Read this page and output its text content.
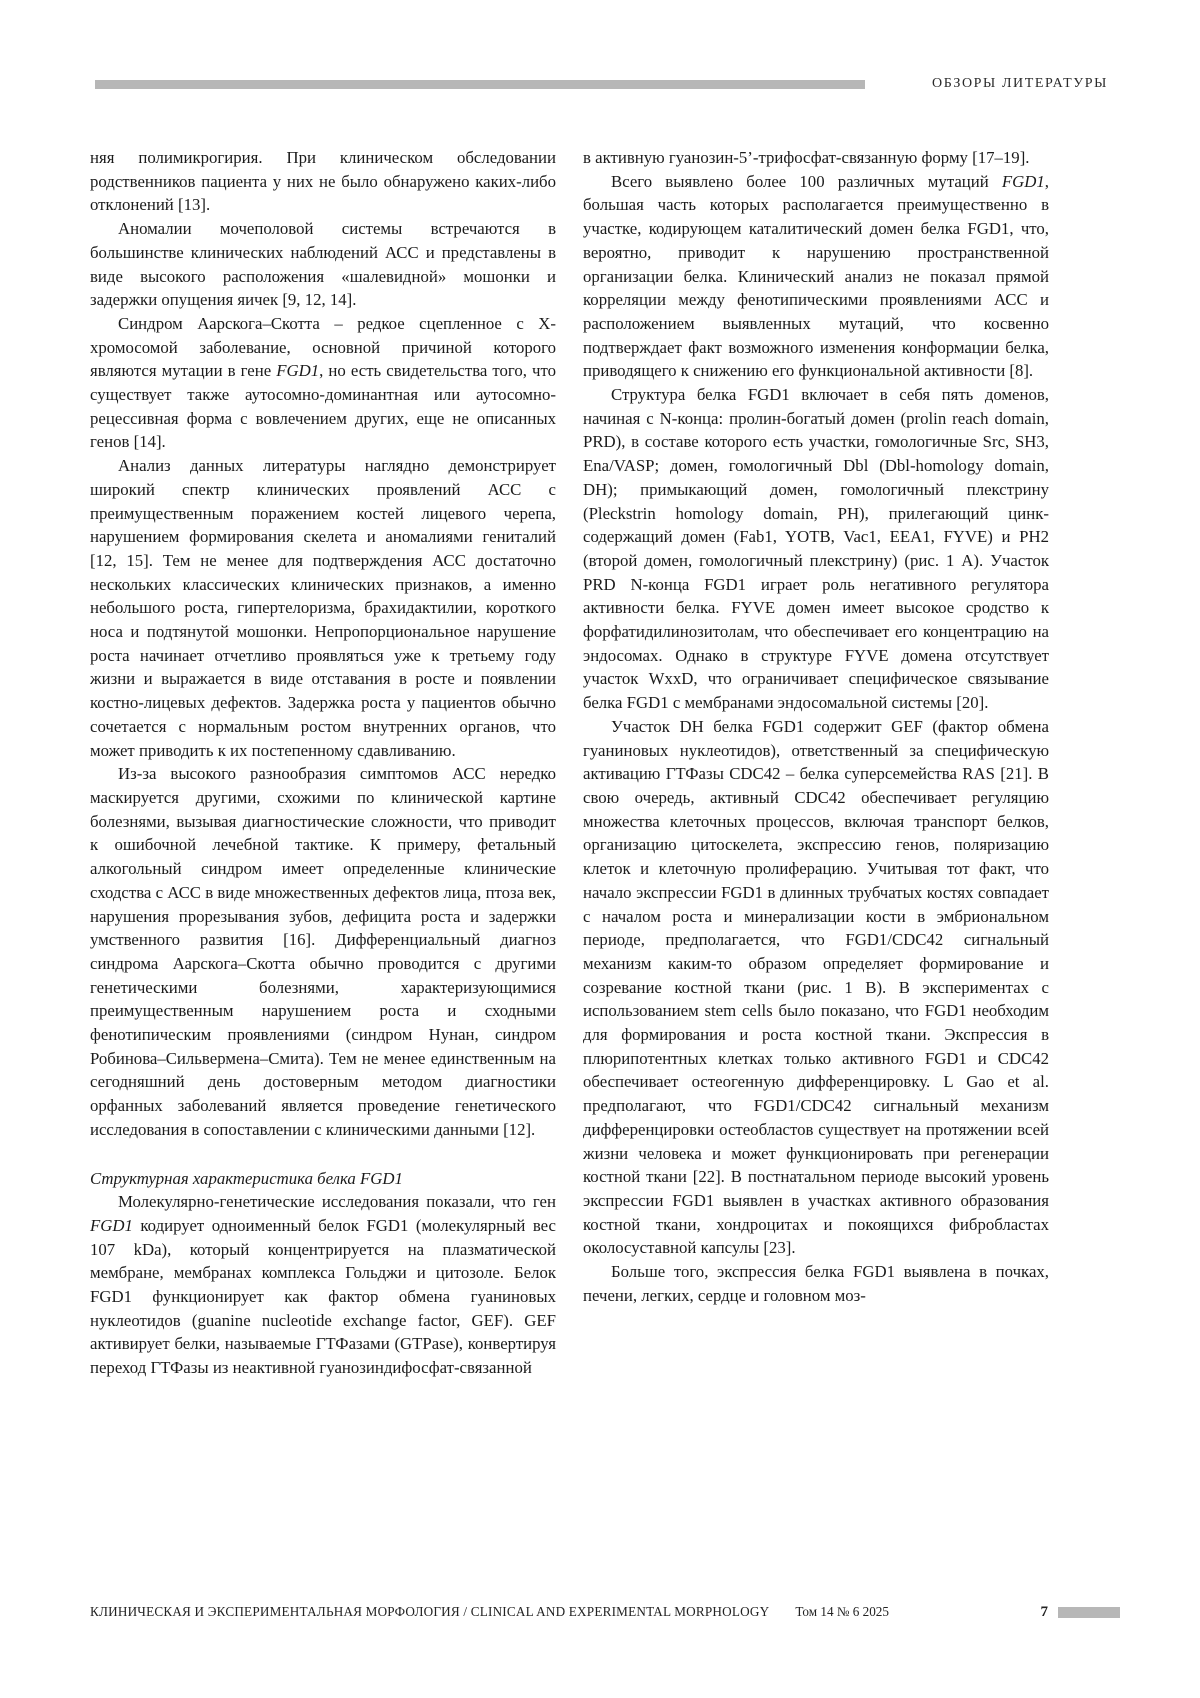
ОБЗОРЫ ЛИТЕРАТУРЫ

няя полимикрогирия. При клиническом обследовании родственников пациента у них не было обнаружено каких-либо отклонений [13].

Аномалии мочеполовой системы встречаются в большинстве клинических наблюдений АСС и представлены в виде высокого расположения «шалевидной» мошонки и задержки опущения яичек [9, 12, 14].

Синдром Аарскога–Скотта – редкое сцепленное с Х-хромосомой заболевание, основной причиной которого являются мутации в гене FGD1, но есть свидетельства того, что существует также аутосомно-доминантная или аутосомно-рецессивная форма с вовлечением других, еще не описанных генов [14].

Анализ данных литературы наглядно демонстрирует широкий спектр клинических проявлений АСС с преимущественным поражением костей лицевого черепа, нарушением формирования скелета и аномалиями гениталий [12, 15]. Тем не менее для подтверждения АСС достаточно нескольких классических клинических признаков, а именно небольшого роста, гипертелоризма, брахидактилии, короткого носа и подтянутой мошонки. Непропорциональное нарушение роста начинает отчетливо проявляться уже к третьему году жизни и выражается в виде отставания в росте и появлении костно-лицевых дефектов. Задержка роста у пациентов обычно сочетается с нормальным ростом внутренних органов, что может приводить к их постепенному сдавливанию.

Из-за высокого разнообразия симптомов АСС нередко маскируется другими, схожими по клинической картине болезнями, вызывая диагностические сложности, что приводит к ошибочной лечебной тактике. К примеру, фетальный алкогольный синдром имеет определенные клинические сходства с АСС в виде множественных дефектов лица, птоза век, нарушения прорезывания зубов, дефицита роста и задержки умственного развития [16]. Дифференциальный диагноз синдрома Аарскога–Скотта обычно проводится с другими генетическими болезнями, характеризующимися преимущественным нарушением роста и сходными фенотипическим проявлениями (синдром Нунан, синдром Робинова–Сильвермена–Смита). Тем не менее единственным на сегодняшний день достоверным методом диагностики орфанных заболеваний является проведение генетического исследования в сопоставлении с клиническими данными [12].

Структурная характеристика белка FGD1

Молекулярно-генетические исследования показали, что ген FGD1 кодирует одноименный белок FGD1 (молекулярный вес 107 kDa), который концентрируется на плазматической мембране, мембранах комплекса Гольджи и цитозоле. Белок FGD1 функционирует как фактор обмена гуаниновых нуклеотидов (guanine nucleotide exchange factor, GEF). GEF активирует белки, называемые ГТФазами (GTPase), конвертируя переход ГТФазы из неактивной гуанозиндифосфат-связанной

в активную гуанозин-5’-трифосфат-связанную форму [17–19].

Всего выявлено более 100 различных мутаций FGD1, большая часть которых располагается преимущественно в участке, кодирующем каталитический домен белка FGD1, что, вероятно, приводит к нарушению пространственной организации белка. Клинический анализ не показал прямой корреляции между фенотипическими проявлениями АСС и расположением выявленных мутаций, что косвенно подтверждает факт возможного изменения конформации белка, приводящего к снижению его функциональной активности [8].

Структура белка FGD1 включает в себя пять доменов, начиная с N-конца: пролин-богатый домен (prolin reach domain, PRD), в составе которого есть участки, гомологичные Src, SH3, Ena/VASP; домен, гомологичный Dbl (Dbl-homology domain, DH); примыкающий домен, гомологичный плекстрину (Pleckstrin homology domain, PH), прилегающий цинк-содержащий домен (Fab1, YOTB, Vac1, EEA1, FYVE) и PH2 (второй домен, гомологичный плекстрину) (рис. 1 А). Участок PRD N-конца FGD1 играет роль негативного регулятора активности белка. FYVE домен имеет высокое сродство к форфатидилинозитолам, что обеспечивает его концентрацию на эндосомах. Однако в структуре FYVE домена отсутствует участок WxxD, что ограничивает специфическое связывание белка FGD1 с мембранами эндосомальной системы [20].

Участок DH белка FGD1 содержит GEF (фактор обмена гуаниновых нуклеотидов), ответственный за специфическую активацию ГТФазы CDC42 – белка суперсемейства RAS [21]. В свою очередь, активный CDC42 обеспечивает регуляцию множества клеточных процессов, включая транспорт белков, организацию цитоскелета, экспрессию генов, поляризацию клеток и клеточную пролиферацию. Учитывая тот факт, что начало экспрессии FGD1 в длинных трубчатых костях совпадает с началом роста и минерализации кости в эмбриональном периоде, предполагается, что FGD1/CDC42 сигнальный механизм каким-то образом определяет формирование и созревание костной ткани (рис. 1 В). В экспериментах с использованием stem cells было показано, что FGD1 необходим для формирования и роста костной ткани. Экспрессия в плюрипотентных клетках только активного FGD1 и CDC42 обеспечивает остеогенную дифференцировку. L Gao et al. предполагают, что FGD1/CDC42 сигнальный механизм дифференцировки остеобластов существует на протяжении всей жизни человека и может функционировать при регенерации костной ткани [22]. В постнатальном периоде высокий уровень экспрессии FGD1 выявлен в участках активного образования костной ткани, хондроцитах и покоящихся фибробластах околосуставной капсулы [23].

Больше того, экспрессия белка FGD1 выявлена в почках, печени, легких, сердце и головном моз-

КЛИНИЧЕСКАЯ И ЭКСПЕРИМЕНТАЛЬНАЯ МОРФОЛОГИЯ / CLINICAL AND EXPERIMENTAL MORPHOLOGY Том 14 № 6 2025	7
